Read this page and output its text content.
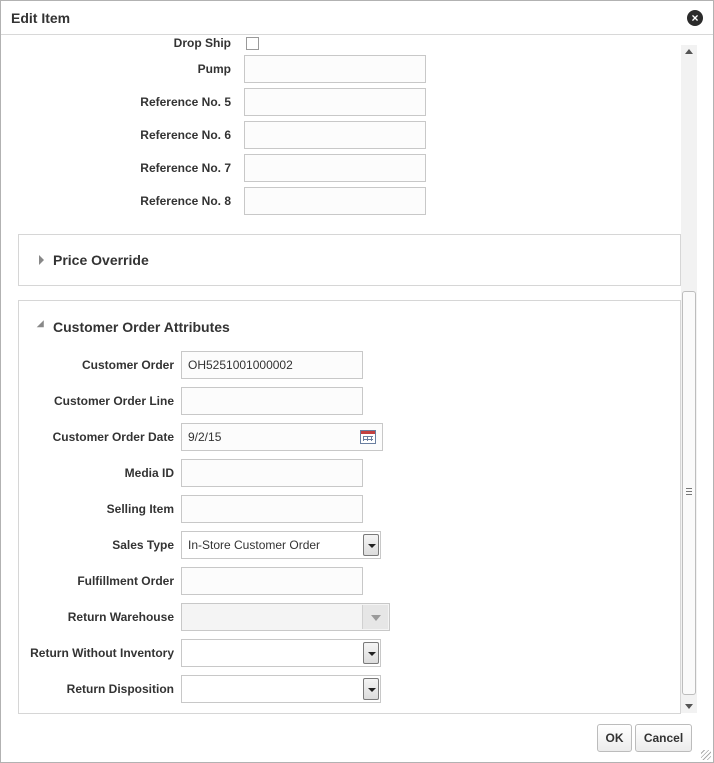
Edit Item	×
Drop Ship
Pump
Reference No. 5
Reference No. 6
Reference No. 7
Reference No. 8
Price Override
Customer Order Attributes
Customer Order	OH5251001000002
Customer Order Line
Customer Order Date	9/2/15
Media ID
Selling Item
Sales Type	In-Store Customer Order
Fulfillment Order
Return Warehouse
Return Without Inventory
Return Disposition
OK	Cancel
